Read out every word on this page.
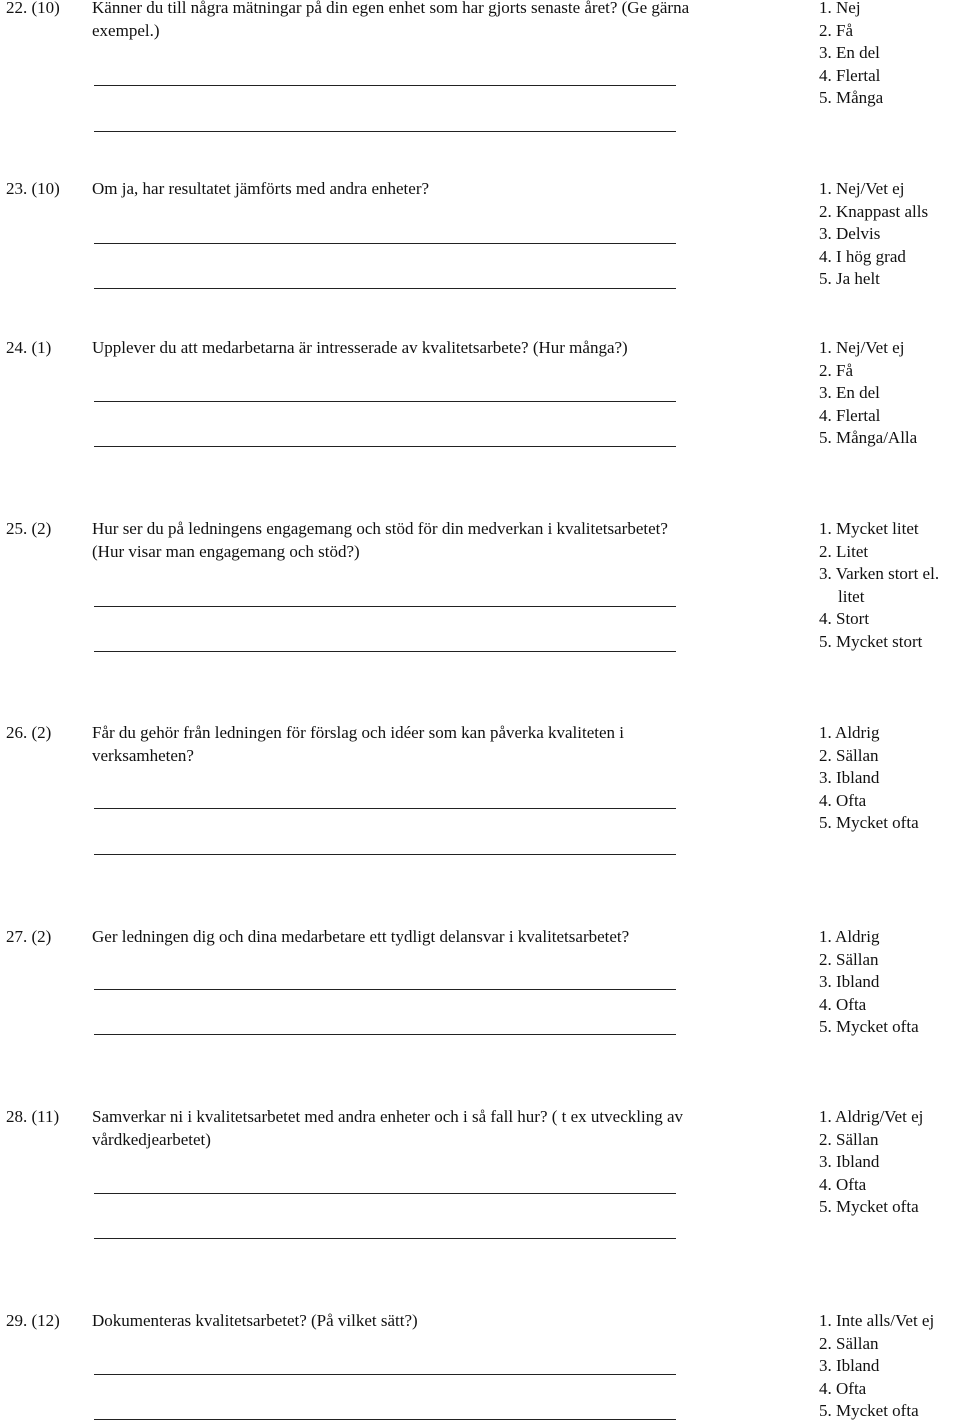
22. (10) Känner du till några mätningar på din egen enhet som har gjorts senaste året? (Ge gärna
exempel.)
1. Nej
2. Få
3. En del
4. Flertal
5. Många
23. (10) Om ja, har resultatet jämförts med andra enheter?	1. Nej/Vet ej
2. Knappast alls
3. Delvis
4. I hög grad
5. Ja helt
24. (1) Upplever du att medarbetarna är intresserade av kvalitetsarbete? (Hur många?)	1. Nej/Vet ej
2. Få
3. En del
4. Flertal
5. Många/Alla
25. (2) Hur ser du på ledningens engagemang och stöd för din medverkan i kvalitetsarbetet?
(Hur visar man engagemang och stöd?)
1. Mycket litet
2. Litet
3. Varken stort el.
litet
4. Stort
5. Mycket stort
26. (2) Får du gehör från ledningen för förslag och idéer som kan påverka kvaliteten i
verksamheten?
1. Aldrig
2. Sällan
3. Ibland
4. Ofta
5. Mycket ofta
27. (2) Ger ledningen dig och dina medarbetare ett tydligt delansvar i kvalitetsarbetet?	1. Aldrig
2. Sällan
3. Ibland
4. Ofta
5. Mycket ofta
28. (11) Samverkar ni i kvalitetsarbetet med andra enheter och i så fall hur? ( t ex utveckling av
vårdkedjearbetet)
1. Aldrig/Vet ej
2. Sällan
3. Ibland
4. Ofta
5. Mycket ofta
29. (12) Dokumenteras kvalitetsarbetet? (På vilket sätt?)	1. Inte alls/Vet ej
2. Sällan
3. Ibland
4. Ofta
5. Mycket ofta
